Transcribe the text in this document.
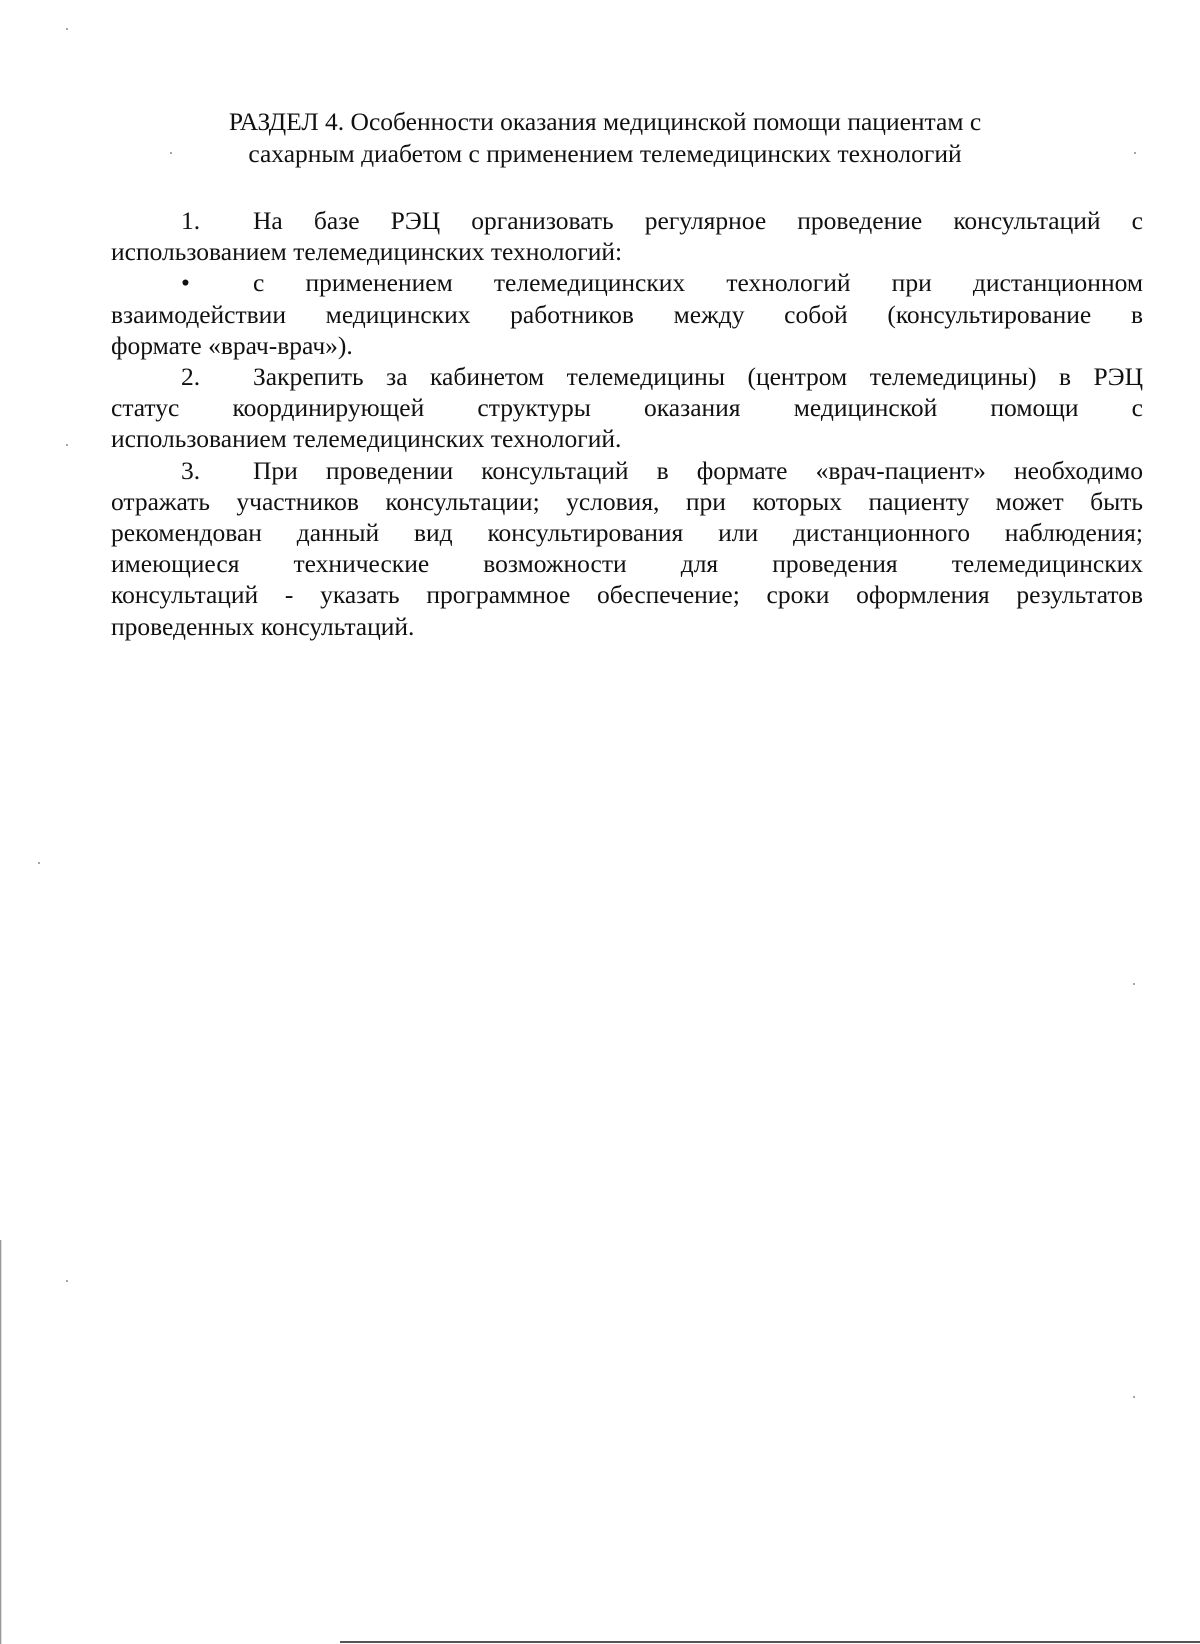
РАЗДЕЛ 4. Особенности оказания медицинской помощи пациентам с
сахарным диабетом с применением телемедицинских технологий

1. На базе РЭЦ организовать регулярное проведение консультаций с

использованием телемедицинских технологий:

• с применением телемедицинских технологий при дистанционном

взаимодействии медицинских работников между собой (консультирование в

формате «врач-врач»).

2. Закрепить за кабинетом телемедицины (центром телемедицины) в РЭЦ

статус координирующей структуры оказания медицинской помощи с

использованием телемедицинских технологий.

3. При проведении консультаций в формате «врач-пациент» необходимо

отражать участников консультации; условия, при которых пациенту может быть

рекомендован данный вид консультирования или дистанционного наблюдения;

имеющиеся технические возможности для проведения телемедицинских

консультаций - указать программное обеспечение; сроки оформления результатов

проведенных консультаций.
